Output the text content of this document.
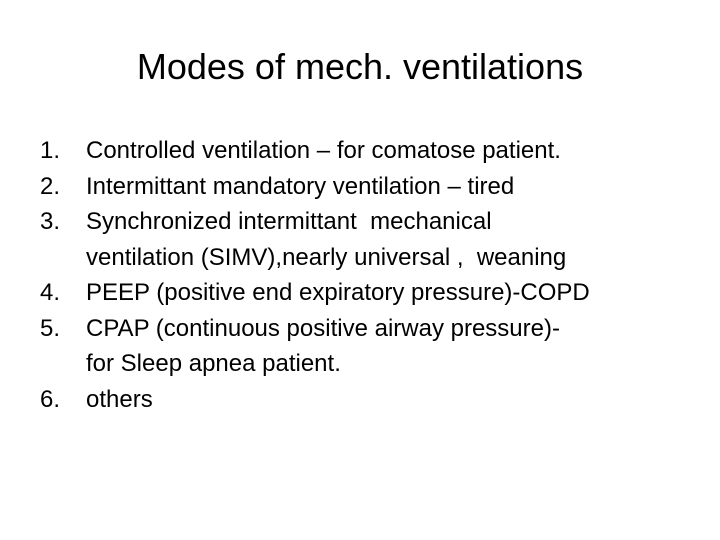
Modes of mech. ventilations
1.	Controlled ventilation – for comatose patient.
2.	Intermittant mandatory ventilation – tired
3.	Synchronized intermittant  mechanical
ventilation (SIMV),nearly universal ,  weaning
4.	PEEP (positive end expiratory pressure)-COPD
5.	CPAP (continuous positive airway pressure)-
for Sleep apnea patient.
6.	others
